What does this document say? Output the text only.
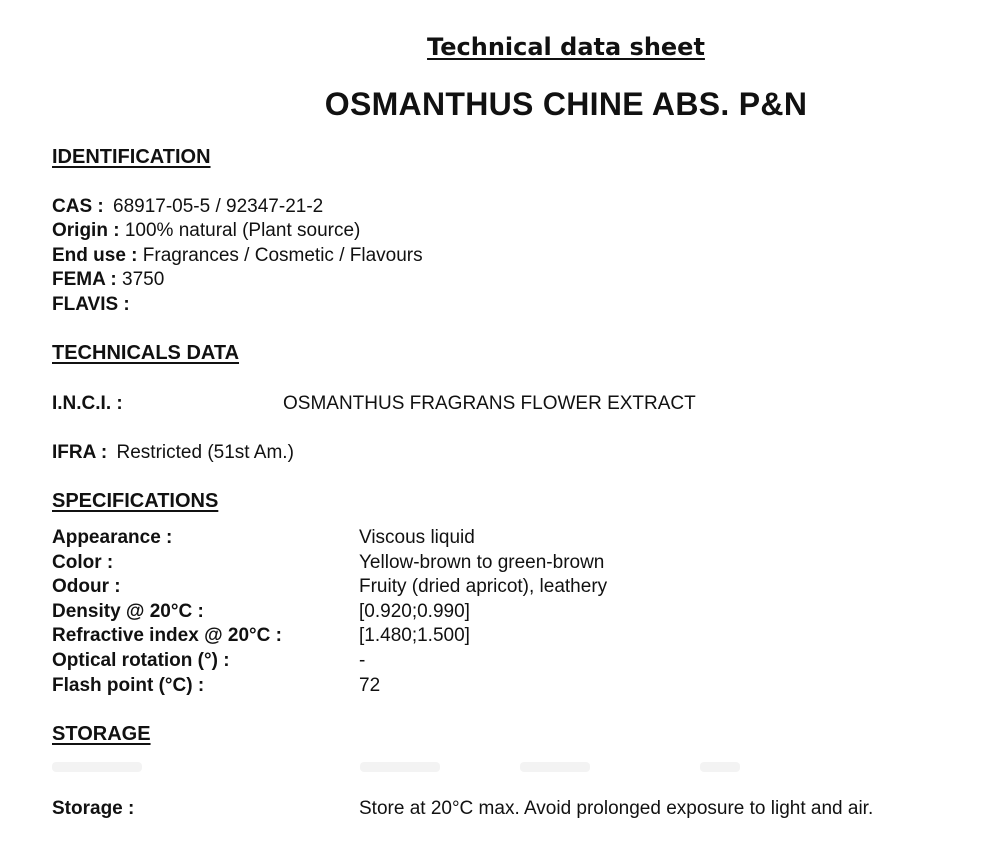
Technical data sheet
OSMANTHUS CHINE ABS. P&N
IDENTIFICATION
CAS : 68917-05-5 / 92347-21-2
Origin : 100% natural (Plant source)
End use : Fragrances / Cosmetic / Flavours
FEMA : 3750
FLAVIS :
TECHNICALS DATA
I.N.C.I. :	OSMANTHUS FRAGRANS FLOWER EXTRACT
IFRA : Restricted (51st Am.)
SPECIFICATIONS
Appearance :	Viscous liquid
Color :	Yellow-brown to green-brown
Odour :	Fruity (dried apricot), leathery
Density @ 20°C :	[0.920;0.990]
Refractive index @ 20°C :	[1.480;1.500]
Optical rotation (°) :	-
Flash point (°C) :	72
STORAGE
Storage :	Store at 20°C max. Avoid prolonged exposure to light and air.
